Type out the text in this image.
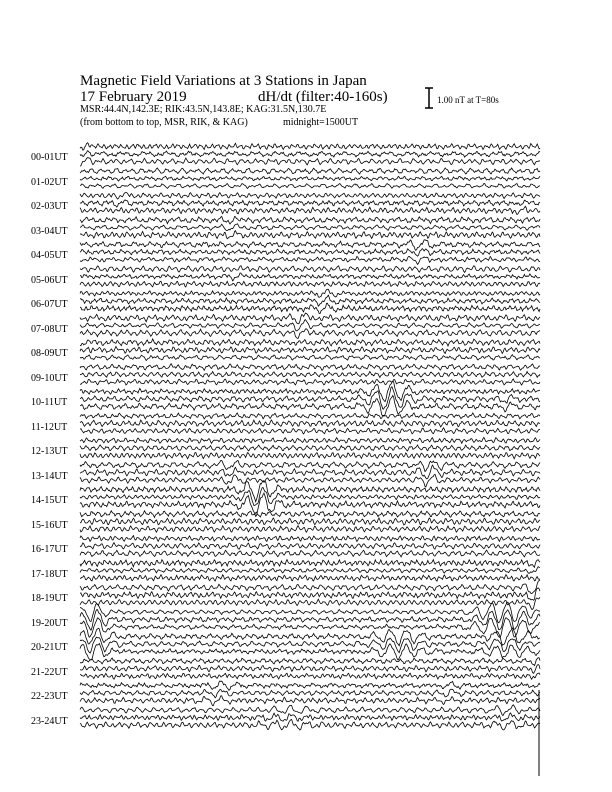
Magnetic Field Variations at 3 Stations in Japan
17 February 2019	dH/dt (filter:40-160s)
MSR:44.4N,142.3E; RIK:43.5N,143.8E; KAG:31.5N,130.7E
(from bottom to top, MSR, RIK, & KAG)	midnight=1500UT
1.00 nT at T=80s
00-01UT
01-02UT
02-03UT
03-04UT
04-05UT
05-06UT
06-07UT
07-08UT
08-09UT
09-10UT
10-11UT
11-12UT
12-13UT
13-14UT
14-15UT
15-16UT
16-17UT
17-18UT
18-19UT
19-20UT
20-21UT
21-22UT
22-23UT
23-24UT
